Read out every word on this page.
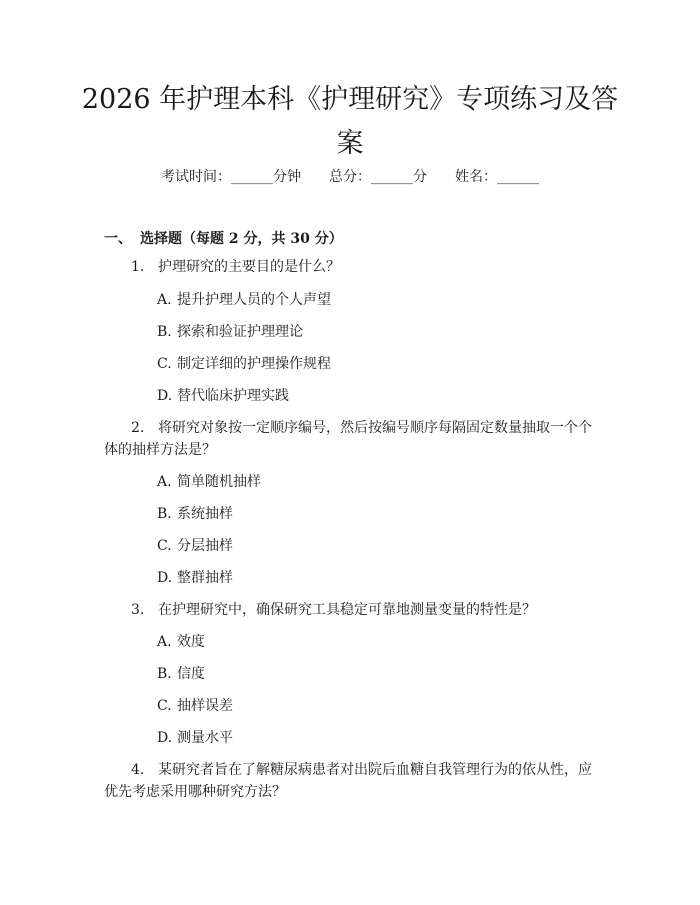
2026 年护理本科《护理研究》专项练习及答
案
考试时间：______分钟 总分：______分 姓名：______
一、 选择题（每题 2 分，共 30 分）
1. 护理研究的主要目的是什么？
A. 提升护理人员的个人声望
B. 探索和验证护理理论
C. 制定详细的护理操作规程
D. 替代临床护理实践
2. 将研究对象按一定顺序编号，然后按编号顺序每隔固定数量抽取一个个体的抽样方法是？
A. 简单随机抽样
B. 系统抽样
C. 分层抽样
D. 整群抽样
3. 在护理研究中，确保研究工具稳定可靠地测量变量的特性是？
A. 效度
B. 信度
C. 抽样误差
D. 测量水平
4. 某研究者旨在了解糖尿病患者对出院后血糖自我管理行为的依从性，应优先考虑采用哪种研究方法？
